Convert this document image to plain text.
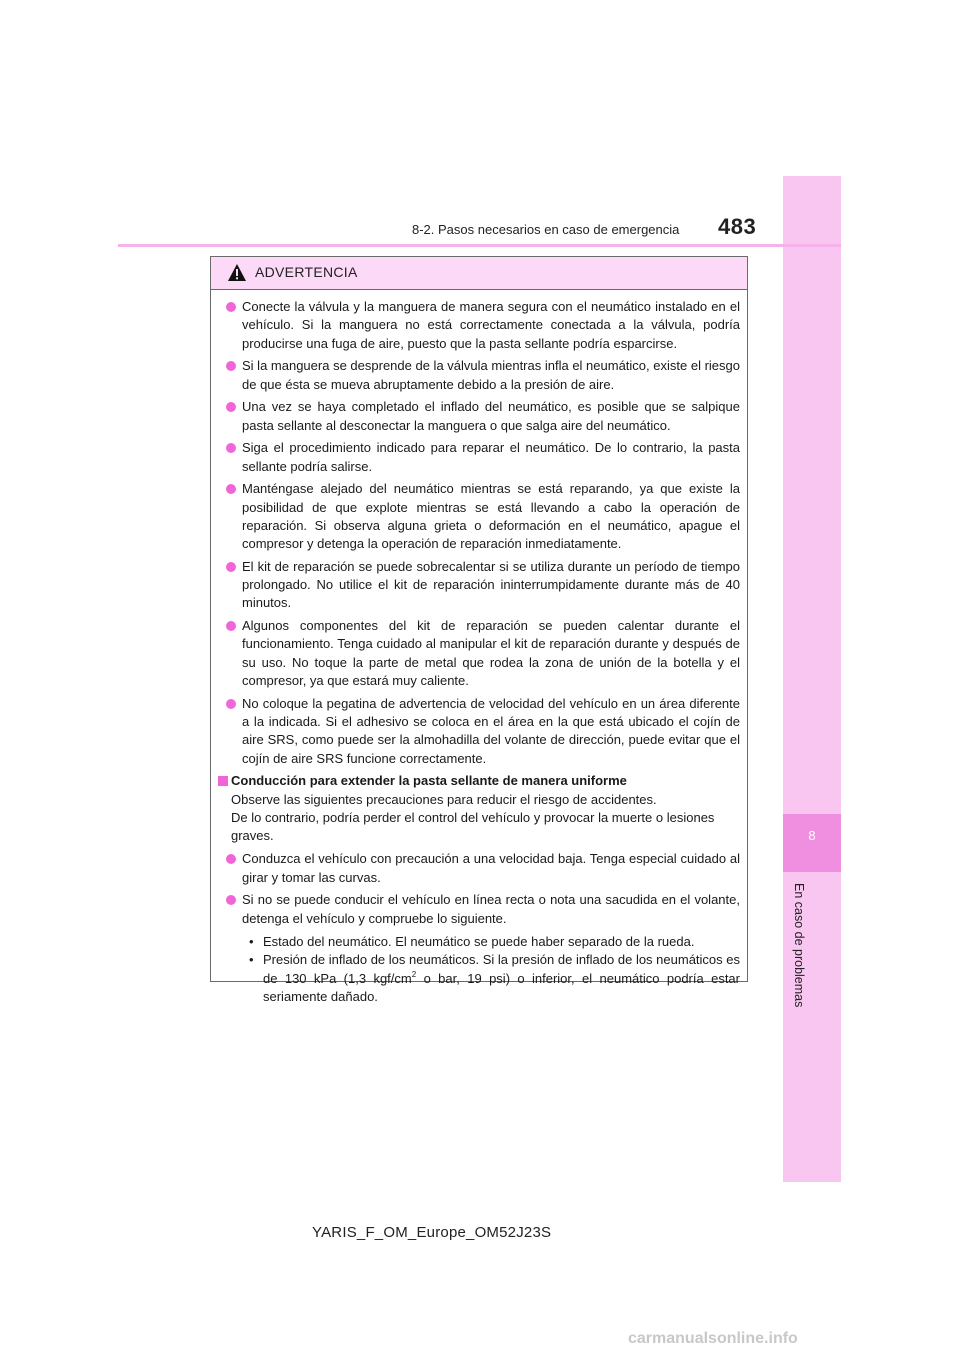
8
En caso de problemas
8-2. Pasos necesarios en caso de emergencia 483
ADVERTENCIA
Conecte la válvula y la manguera de manera segura con el neumático instalado en el vehículo. Si la manguera no está correctamente conectada a la válvula, podría producirse una fuga de aire, puesto que la pasta sellante podría esparcirse.
Si la manguera se desprende de la válvula mientras infla el neumático, existe el riesgo de que ésta se mueva abruptamente debido a la presión de aire.
Una vez se haya completado el inflado del neumático, es posible que se salpique pasta sellante al desconectar la manguera o que salga aire del neumático.
Siga el procedimiento indicado para reparar el neumático. De lo contrario, la pasta sellante podría salirse.
Manténgase alejado del neumático mientras se está reparando, ya que existe la posibilidad de que explote mientras se está llevando a cabo la operación de reparación. Si observa alguna grieta o deformación en el neumático, apague el compresor y detenga la operación de reparación inmediatamente.
El kit de reparación se puede sobrecalentar si se utiliza durante un período de tiempo prolongado. No utilice el kit de reparación ininterrumpidamente durante más de 40 minutos.
Algunos componentes del kit de reparación se pueden calentar durante el funcionamiento. Tenga cuidado al manipular el kit de reparación durante y después de su uso. No toque la parte de metal que rodea la zona de unión de la botella y el compresor, ya que estará muy caliente.
No coloque la pegatina de advertencia de velocidad del vehículo en un área diferente a la indicada. Si el adhesivo se coloca en el área en la que está ubicado el cojín de aire SRS, como puede ser la almohadilla del volante de dirección, puede evitar que el cojín de aire SRS funcione correctamente.
Conducción para extender la pasta sellante de manera uniforme
Observe las siguientes precauciones para reducir el riesgo de accidentes.
De lo contrario, podría perder el control del vehículo y provocar la muerte o lesiones graves.
Conduzca el vehículo con precaución a una velocidad baja. Tenga especial cuidado al girar y tomar las curvas.
Si no se puede conducir el vehículo en línea recta o nota una sacudida en el volante, detenga el vehículo y compruebe lo siguiente.
• Estado del neumático. El neumático se puede haber separado de la rueda.
• Presión de inflado de los neumáticos. Si la presión de inflado de los neumáticos es de 130 kPa (1,3 kgf/$cm^2$ o bar, 19 psi) o inferior, el neumático podría estar seriamente dañado.
YARIS_F_OM_Europe_OM52J23S
carmanualsonline.info
